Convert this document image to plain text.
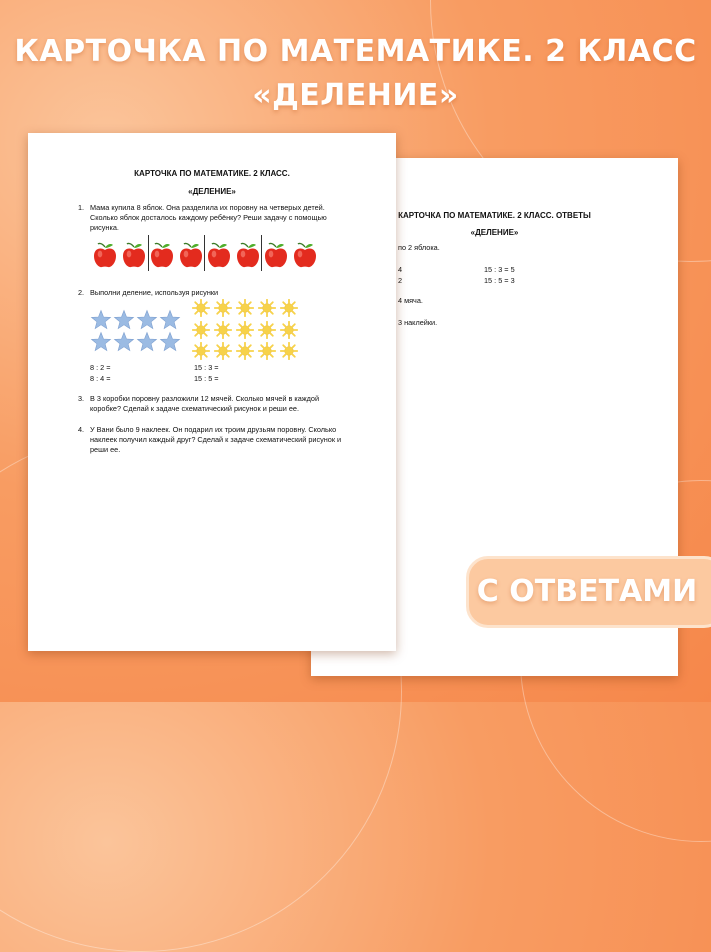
КАРТОЧКА ПО МАТЕМАТИКЕ. 2 КЛАСС
«ДЕЛЕНИЕ»
КАРТОЧКА ПО МАТЕМАТИКЕ. 2 КЛАСС. ОТВЕТЫ
«ДЕЛЕНИЕ»
по 2 яблока.
4
2
15 : 3 = 5
15 : 5 = 3
4 мяча.
3 наклейки.
КАРТОЧКА ПО МАТЕМАТИКЕ. 2 КЛАСС.
«ДЕЛЕНИЕ»
1. Мама купила 8 яблок. Она разделила их поровну на четверых детей.
Сколько яблок досталось каждому ребёнку? Реши задачу с помощью
рисунка.
2. Выполни деление, используя рисунки
8 : 2 =
8 : 4 =
15 : 3 =
15 : 5 =
3. В 3 коробки поровну разложили 12 мячей. Сколько мячей в каждой
коробке? Сделай к задаче схематический рисунок и реши ее.
4. У Вани было 9 наклеек. Он подарил их троим друзьям поровну. Сколько
наклеек получил каждый друг? Сделай к задаче схематический рисунок и
реши ее.
С ОТВЕТАМИ
